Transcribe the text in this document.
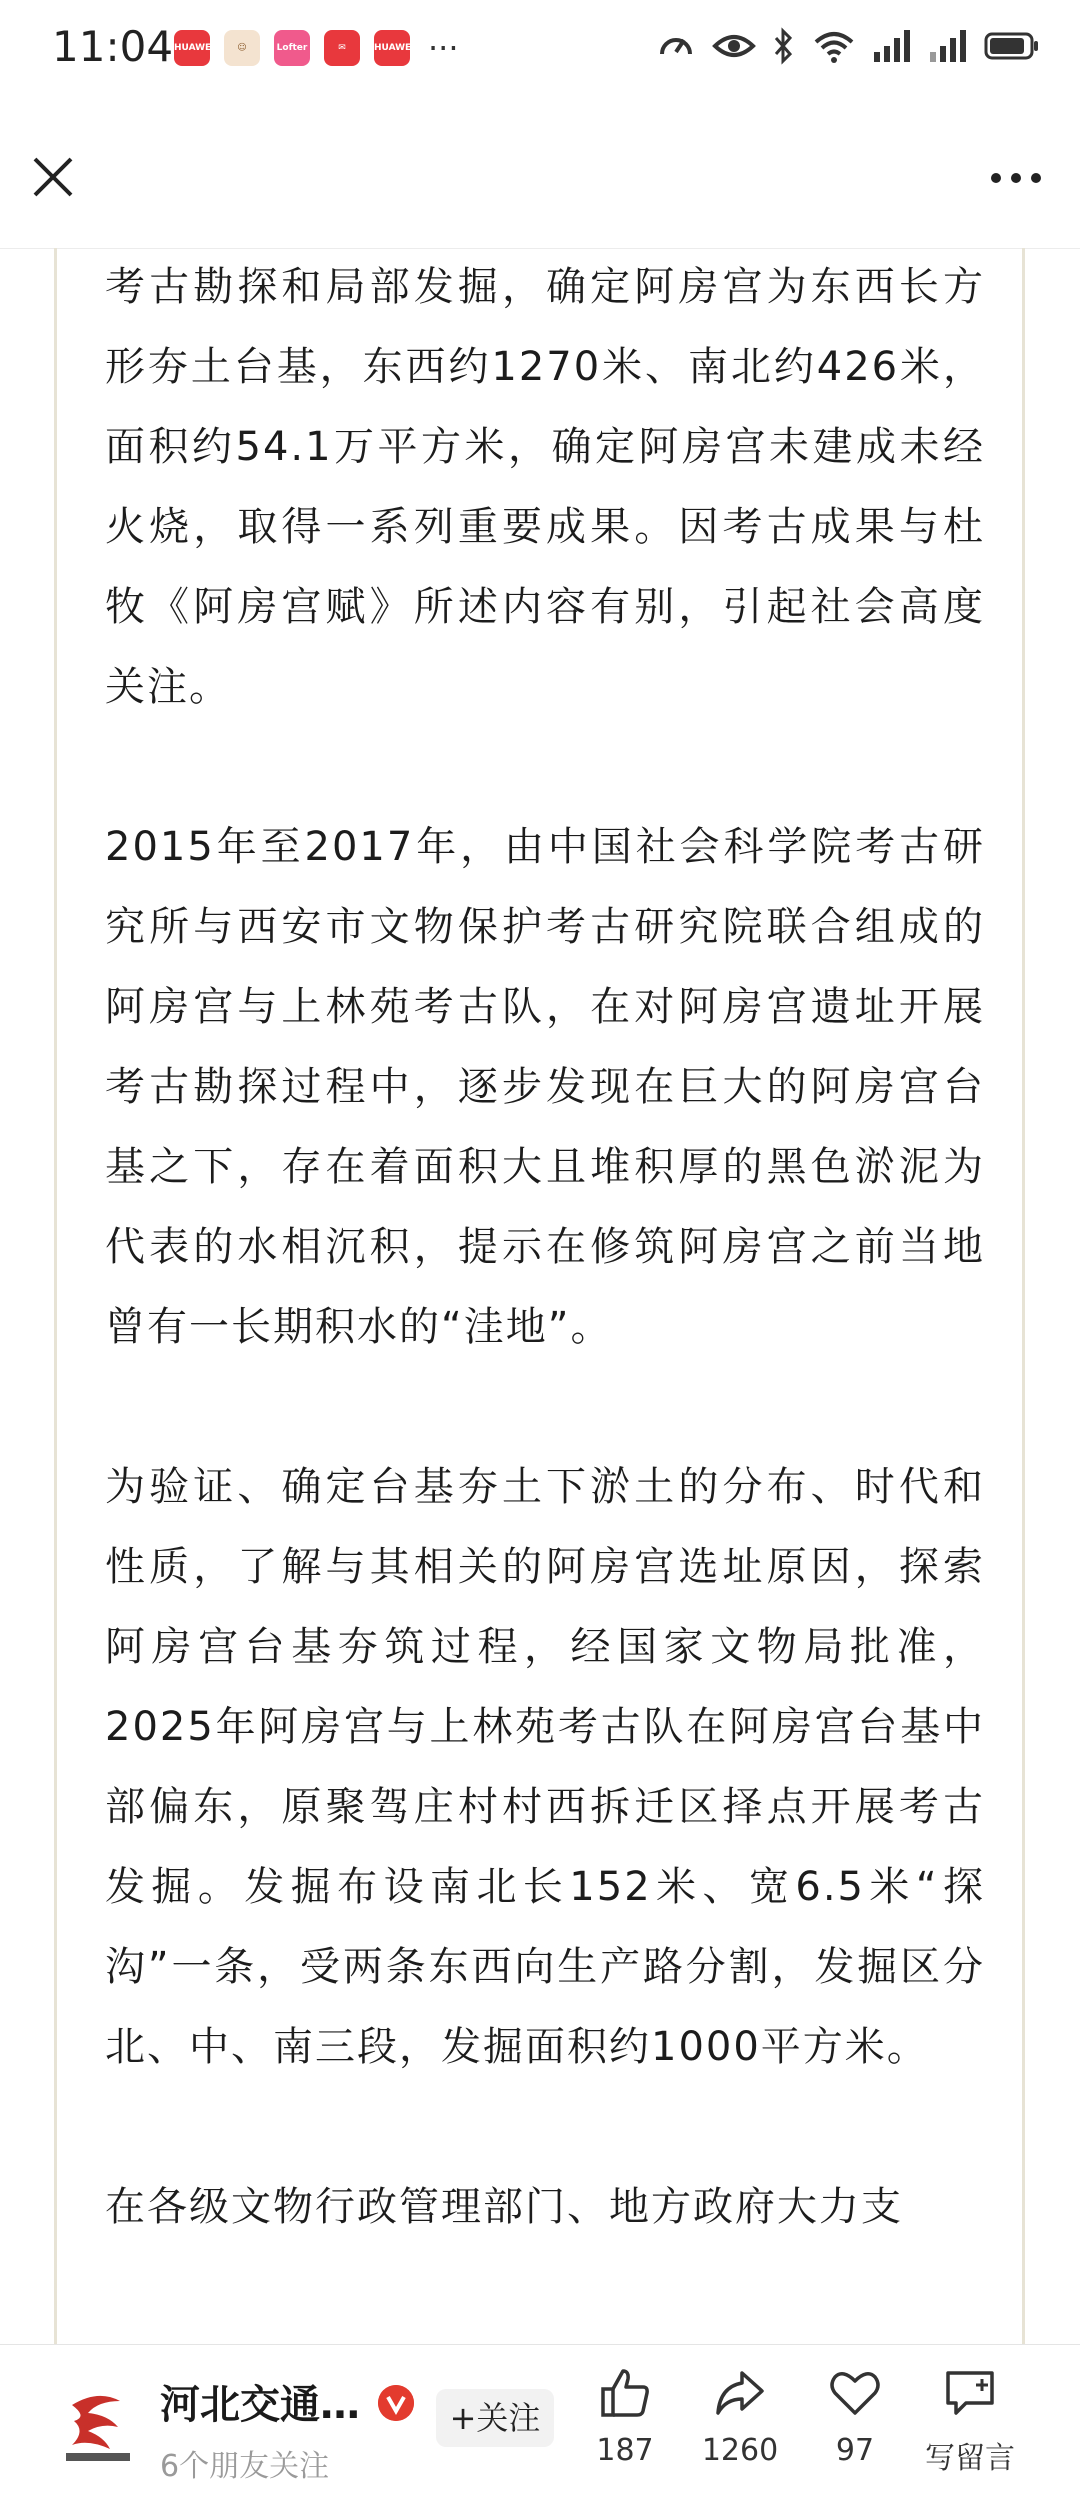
11:04 HUAWEI	☺	Lofter	✉	HUAWEI ···

考古勘探和局部发掘，确定阿房宫为东西长方形夯土台基，东西约1270米、南北约426米，面积约54.1万平方米，确定阿房宫未建成未经火烧，取得一系列重要成果。因考古成果与杜牧《阿房宫赋》所述内容有别，引起社会高度关注。

2015年至2017年，由中国社会科学院考古研究所与西安市文物保护考古研究院联合组成的阿房宫与上林苑考古队，在对阿房宫遗址开展考古勘探过程中，逐步发现在巨大的阿房宫台基之下，存在着面积大且堆积厚的黑色淤泥为代表的水相沉积，提示在修筑阿房宫之前当地曾有一长期积水的“洼地”。

为验证、确定台基夯土下淤土的分布、时代和性质，了解与其相关的阿房宫选址原因，探索阿房宫台基夯筑过程，经国家文物局批准，2025年阿房宫与上林苑考古队在阿房宫台基中部偏东，原聚驾庄村村西拆迁区择点开展考古发掘。发掘布设南北长152米、宽6.5米“探沟”一条，受两条东西向生产路分割，发掘区分北、中、南三段，发掘面积约1000平方米。

在各级文物行政管理部门、地方政府大力支

河北交通…
6个朋友关注
+关注
187	1260	97	写留言
